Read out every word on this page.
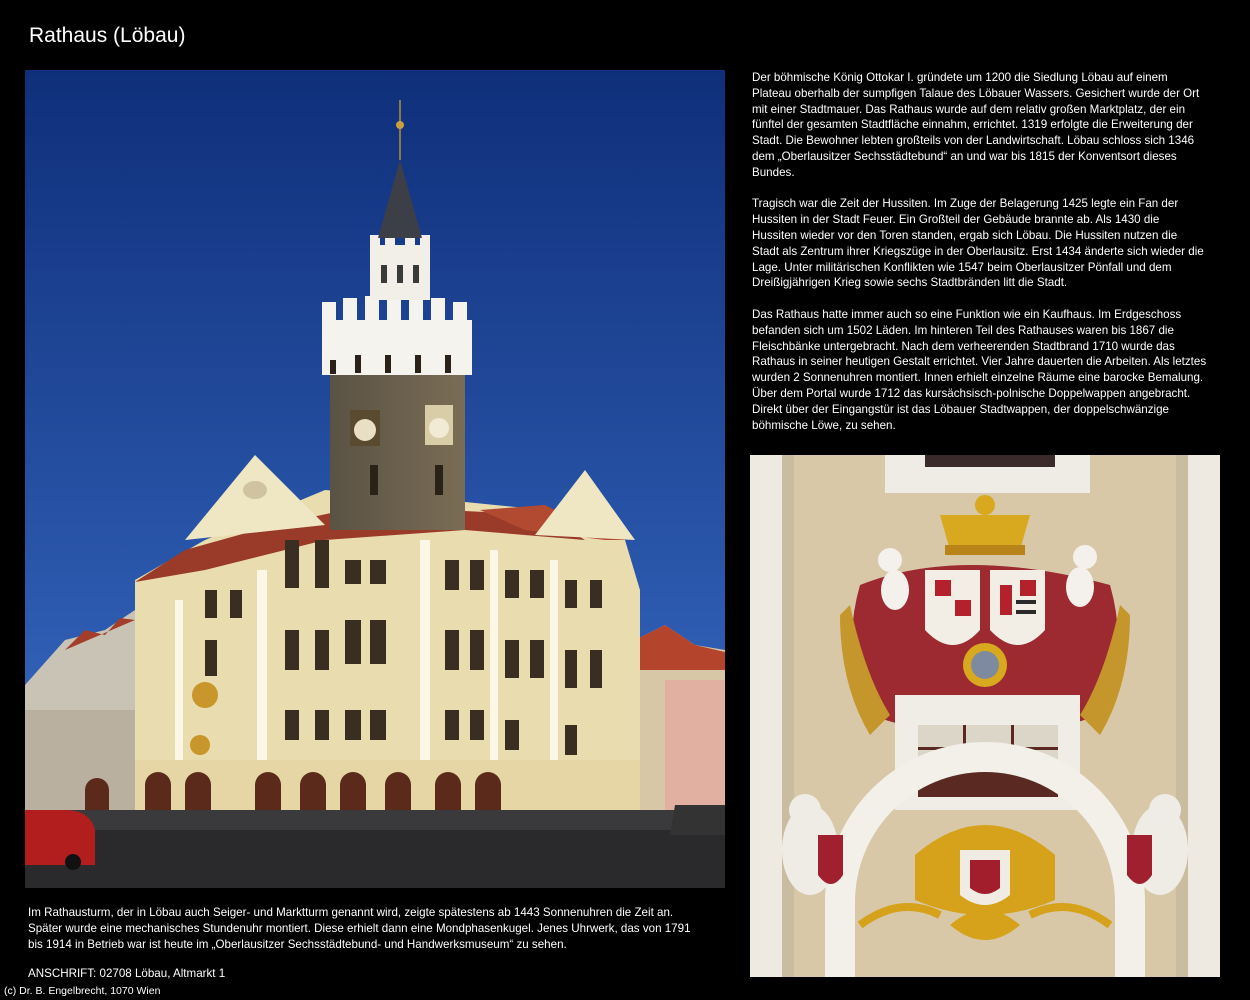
Rathaus (Löbau)

Der böhmische König Ottokar I. gründete um 1200 die Siedlung Löbau auf einem Plateau oberhalb der sumpfigen Talaue des Löbauer Wassers. Gesichert wurde der Ort mit einer Stadtmauer. Das Rathaus wurde auf dem relativ großen Marktplatz, der ein fünftel der gesamten Stadtfläche einnahm, errichtet. 1319 erfolgte die Erweiterung der Stadt. Die Bewohner lebten großteils von der Landwirtschaft. Löbau schloss sich 1346 dem „Oberlausitzer Sechsstädtebund“ an und war bis 1815 der Konventsort dieses Bundes.

Tragisch war die Zeit der Hussiten. Im Zuge der Belagerung 1425 legte ein Fan der Hussiten in der Stadt Feuer. Ein Großteil der Gebäude brannte ab. Als 1430 die Hussiten wieder vor den Toren standen, ergab sich Löbau. Die Hussiten nutzen die Stadt als Zentrum ihrer Kriegszüge in der Oberlausitz. Erst 1434 änderte sich wieder die Lage. Unter militärischen Konflikten wie 1547 beim Oberlausitzer Pönfall und dem Dreißigjährigen Krieg sowie sechs Stadtbränden litt die Stadt.

Das Rathaus hatte immer auch so eine Funktion wie ein Kaufhaus. Im Erdgeschoss befanden sich um 1502 Läden. Im hinteren Teil des Rathauses waren bis 1867 die Fleischbänke untergebracht. Nach dem verheerenden Stadtbrand 1710 wurde das Rathaus in seiner heutigen Gestalt errichtet. Vier Jahre dauerten die Arbeiten. Als letztes wurden 2 Sonnenuhren montiert. Innen erhielt einzelne Räume eine barocke Bemalung. Über dem Portal wurde 1712 das kursächsisch-polnische Doppelwappen angebracht. Direkt über der Eingangstür ist das Löbauer Stadtwappen, der doppelschwänzige böhmische Löwe, zu sehen.

Im Rathausturm, der in Löbau auch Seiger- und Marktturm genannt wird, zeigte spätestens ab 1443 Sonnenuhren die Zeit an. Später wurde eine mechanisches Stundenuhr montiert. Diese erhielt dann eine Mondphasenkugel. Jenes Uhrwerk, das von 1791 bis 1914 in Betrieb war ist heute im „Oberlausitzer Sechsstädtebund- und Handwerksmuseum“ zu sehen.
ANSCHRIFT: 02708 Löbau, Altmarkt 1
(c) Dr. B. Engelbrecht, 1070 Wien
